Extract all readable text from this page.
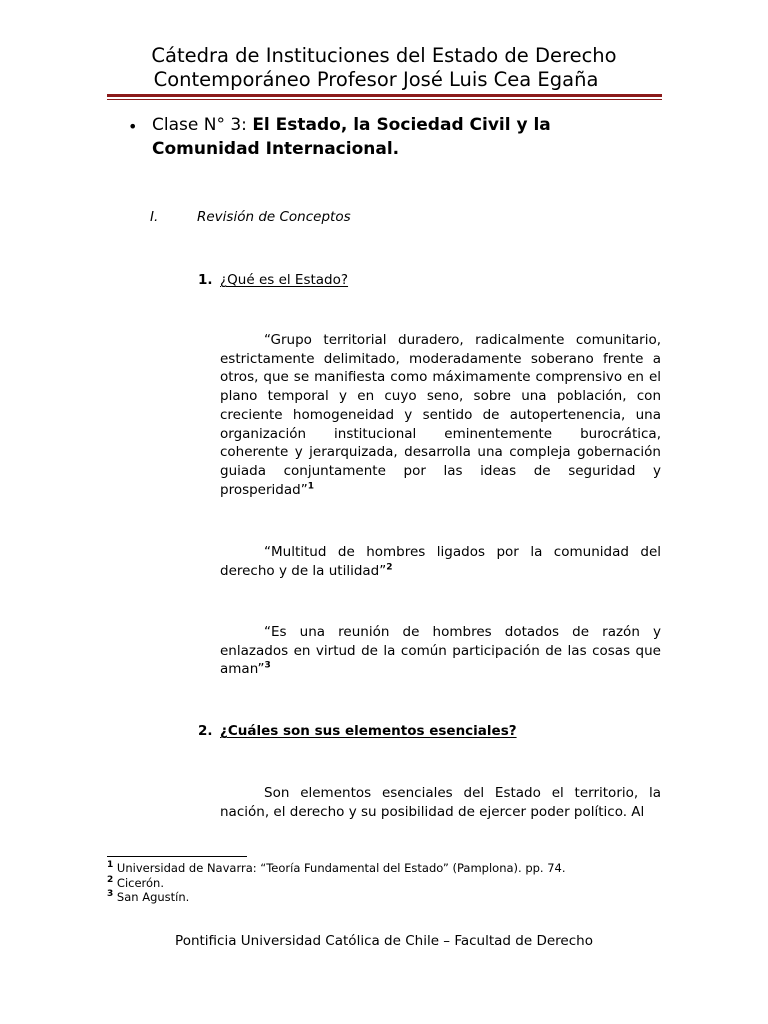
Cátedra de Instituciones del Estado de Derecho
Contemporáneo Profesor José Luis Cea Egaña
• Clase N° 3: El Estado, la Sociedad Civil y la Comunidad Internacional.
I.	Revisión de Conceptos
1. ¿Qué es el Estado?
“Grupo territorial duradero, radicalmente comunitario, estrictamente delimitado, moderadamente soberano frente a otros, que se manifiesta como máximamente comprensivo en el plano temporal y en cuyo seno, sobre una población, con creciente homogeneidad y sentido de autopertenencia, una organización institucional eminentemente burocrática, coherente y jerarquizada, desarrolla una compleja gobernación guiada conjuntamente por las ideas de seguridad y prosperidad”$^1$
“Multitud de hombres ligados por la comunidad del derecho y de la utilidad”$^2$
“Es una reunión de hombres dotados de razón y enlazados en virtud de la común participación de las cosas que aman”$^3$
2. ¿Cuáles son sus elementos esenciales?
Son elementos esenciales del Estado el territorio, la nación, el derecho y su posibilidad de ejercer poder político. Al
$^1$ Universidad de Navarra: “Teoría Fundamental del Estado” (Pamplona). pp. 74.
$^2$ Cicerón.
$^3$ San Agustín.
Pontificia Universidad Católica de Chile – Facultad de Derecho
